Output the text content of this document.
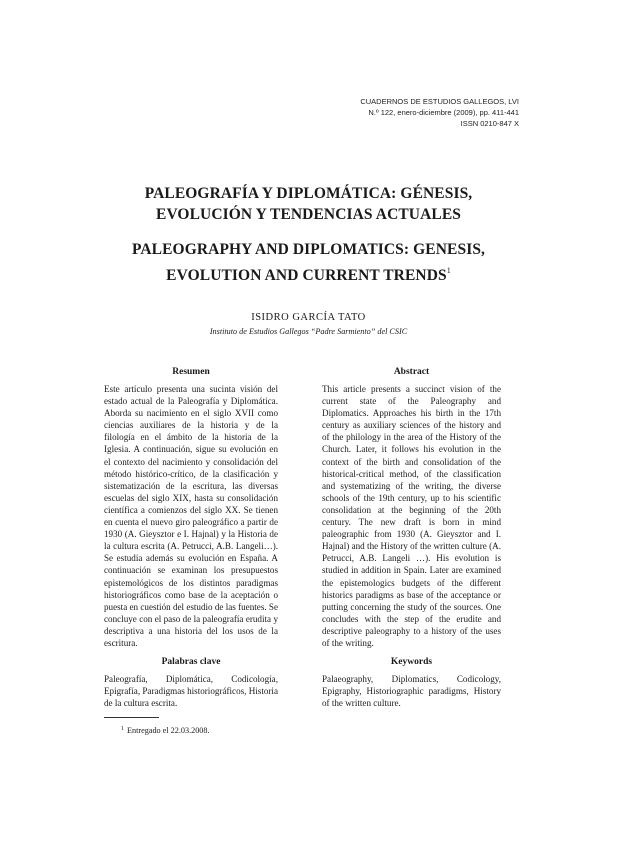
CUADERNOS DE ESTUDIOS GALLEGOS, LVI
N.º 122, enero-diciembre (2009), pp. 411-441
ISSN 0210-847 X
PALEOGRAFÍA Y DIPLOMÁTICA: GÉNESIS,
EVOLUCIÓN Y TENDENCIAS ACTUALES
PALEOGRAPHY AND DIPLOMATICS: GENESIS,
EVOLUTION AND CURRENT TRENDS$^1$
ISIDRO GARCÍA TATO
Instituto de Estudios Gallegos “Padre Sarmiento” del CSIC
Resumen

Este artículo presenta una sucinta visión del estado actual de la Paleografía y Diplomática. Aborda su nacimiento en el siglo XVII como ciencias auxiliares de la historia y de la filología en el ámbito de la historia de la Iglesia. A continuación, sigue su evolución en el contexto del nacimiento y consolidación del método histórico-crítico, de la clasificación y sistematización de la escritura, las diversas escuelas del siglo XIX, hasta su consolidación científica a comienzos del siglo XX. Se tienen en cuenta el nuevo giro paleográfico a partir de 1930 (A. Gieysztor e I. Hajnal) y la Historia de la cultura escrita (A. Petrucci, A.B. Langeli…). Se estudia además su evolución en España. A continuación se examinan los presupuestos epistemológicos de los distintos paradigmas historiográficos como base de la aceptación o puesta en cuestión del estudio de las fuentes. Se concluye con el paso de la paleografía erudita y descriptiva a una historia del los usos de la escritura.

Abstract

This article presents a succinct vision of the current state of the Paleography and Diplomatics. Approaches his birth in the 17th century as auxiliary sciences of the history and of the philology in the area of the History of the Church. Later, it follows his evolution in the context of the birth and consolidation of the historical-critical method, of the classification and systematizing of the writing, the diverse schools of the 19th century, up to his scientific consolidation at the beginning of the 20th century. The new draft is born in mind paleographic from 1930 (A. Gieysztor and I. Hajnal) and the History of the written culture (A. Petrucci, A.B. Langeli …). His evolution is studied in addition in Spain. Later are examined the epistemologics budgets of the different historics paradigms as base of the acceptance or putting concerning the study of the sources. One concludes with the step of the erudite and descriptive paleography to a history of the uses of the writing.

Palabras clave

Paleografía, Diplomática, Codicología, Epigrafía, Paradigmas historiográficos, Historia de la cultura escrita.

Keywords

Palaeography, Diplomatics, Codicology, Epigraphy, Historiographic paradigms, History of the written culture.

$^1$ Entregado el 22.03.2008.
